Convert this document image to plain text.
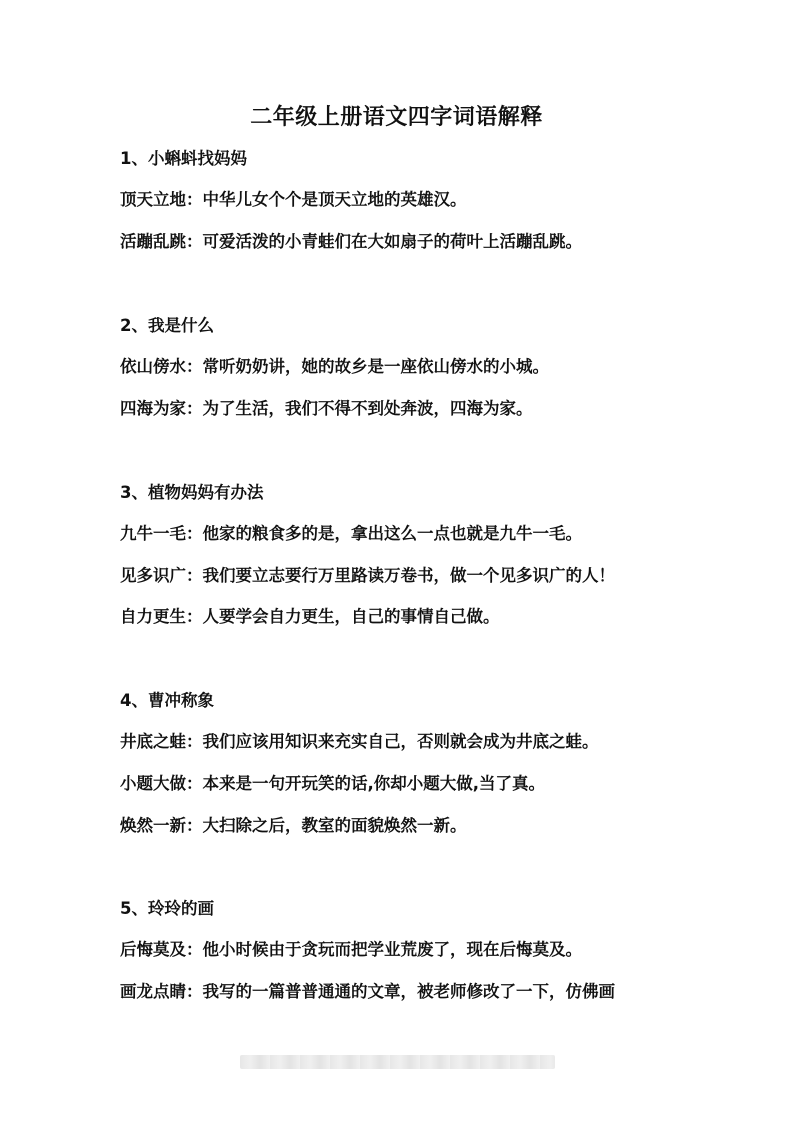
二年级上册语文四字词语解释
1、小蝌蚪找妈妈
顶天立地：中华儿女个个是顶天立地的英雄汉。
活蹦乱跳：可爱活泼的小青蛙们在大如扇子的荷叶上活蹦乱跳。
2、我是什么
依山傍水：常听奶奶讲，她的故乡是一座依山傍水的小城。
四海为家：为了生活，我们不得不到处奔波，四海为家。
3、植物妈妈有办法
九牛一毛：他家的粮食多的是，拿出这么一点也就是九牛一毛。
见多识广：我们要立志要行万里路读万卷书，做一个见多识广的人！
自力更生：人要学会自力更生，自己的事情自己做。
4、曹冲称象
井底之蛙：我们应该用知识来充实自己，否则就会成为井底之蛙。
小题大做：本来是一句开玩笑的话,你却小题大做,当了真。
焕然一新：大扫除之后，教室的面貌焕然一新。
5、玲玲的画
后悔莫及：他小时候由于贪玩而把学业荒废了，现在后悔莫及。
画龙点睛：我写的一篇普普通通的文章，被老师修改了一下，仿佛画
